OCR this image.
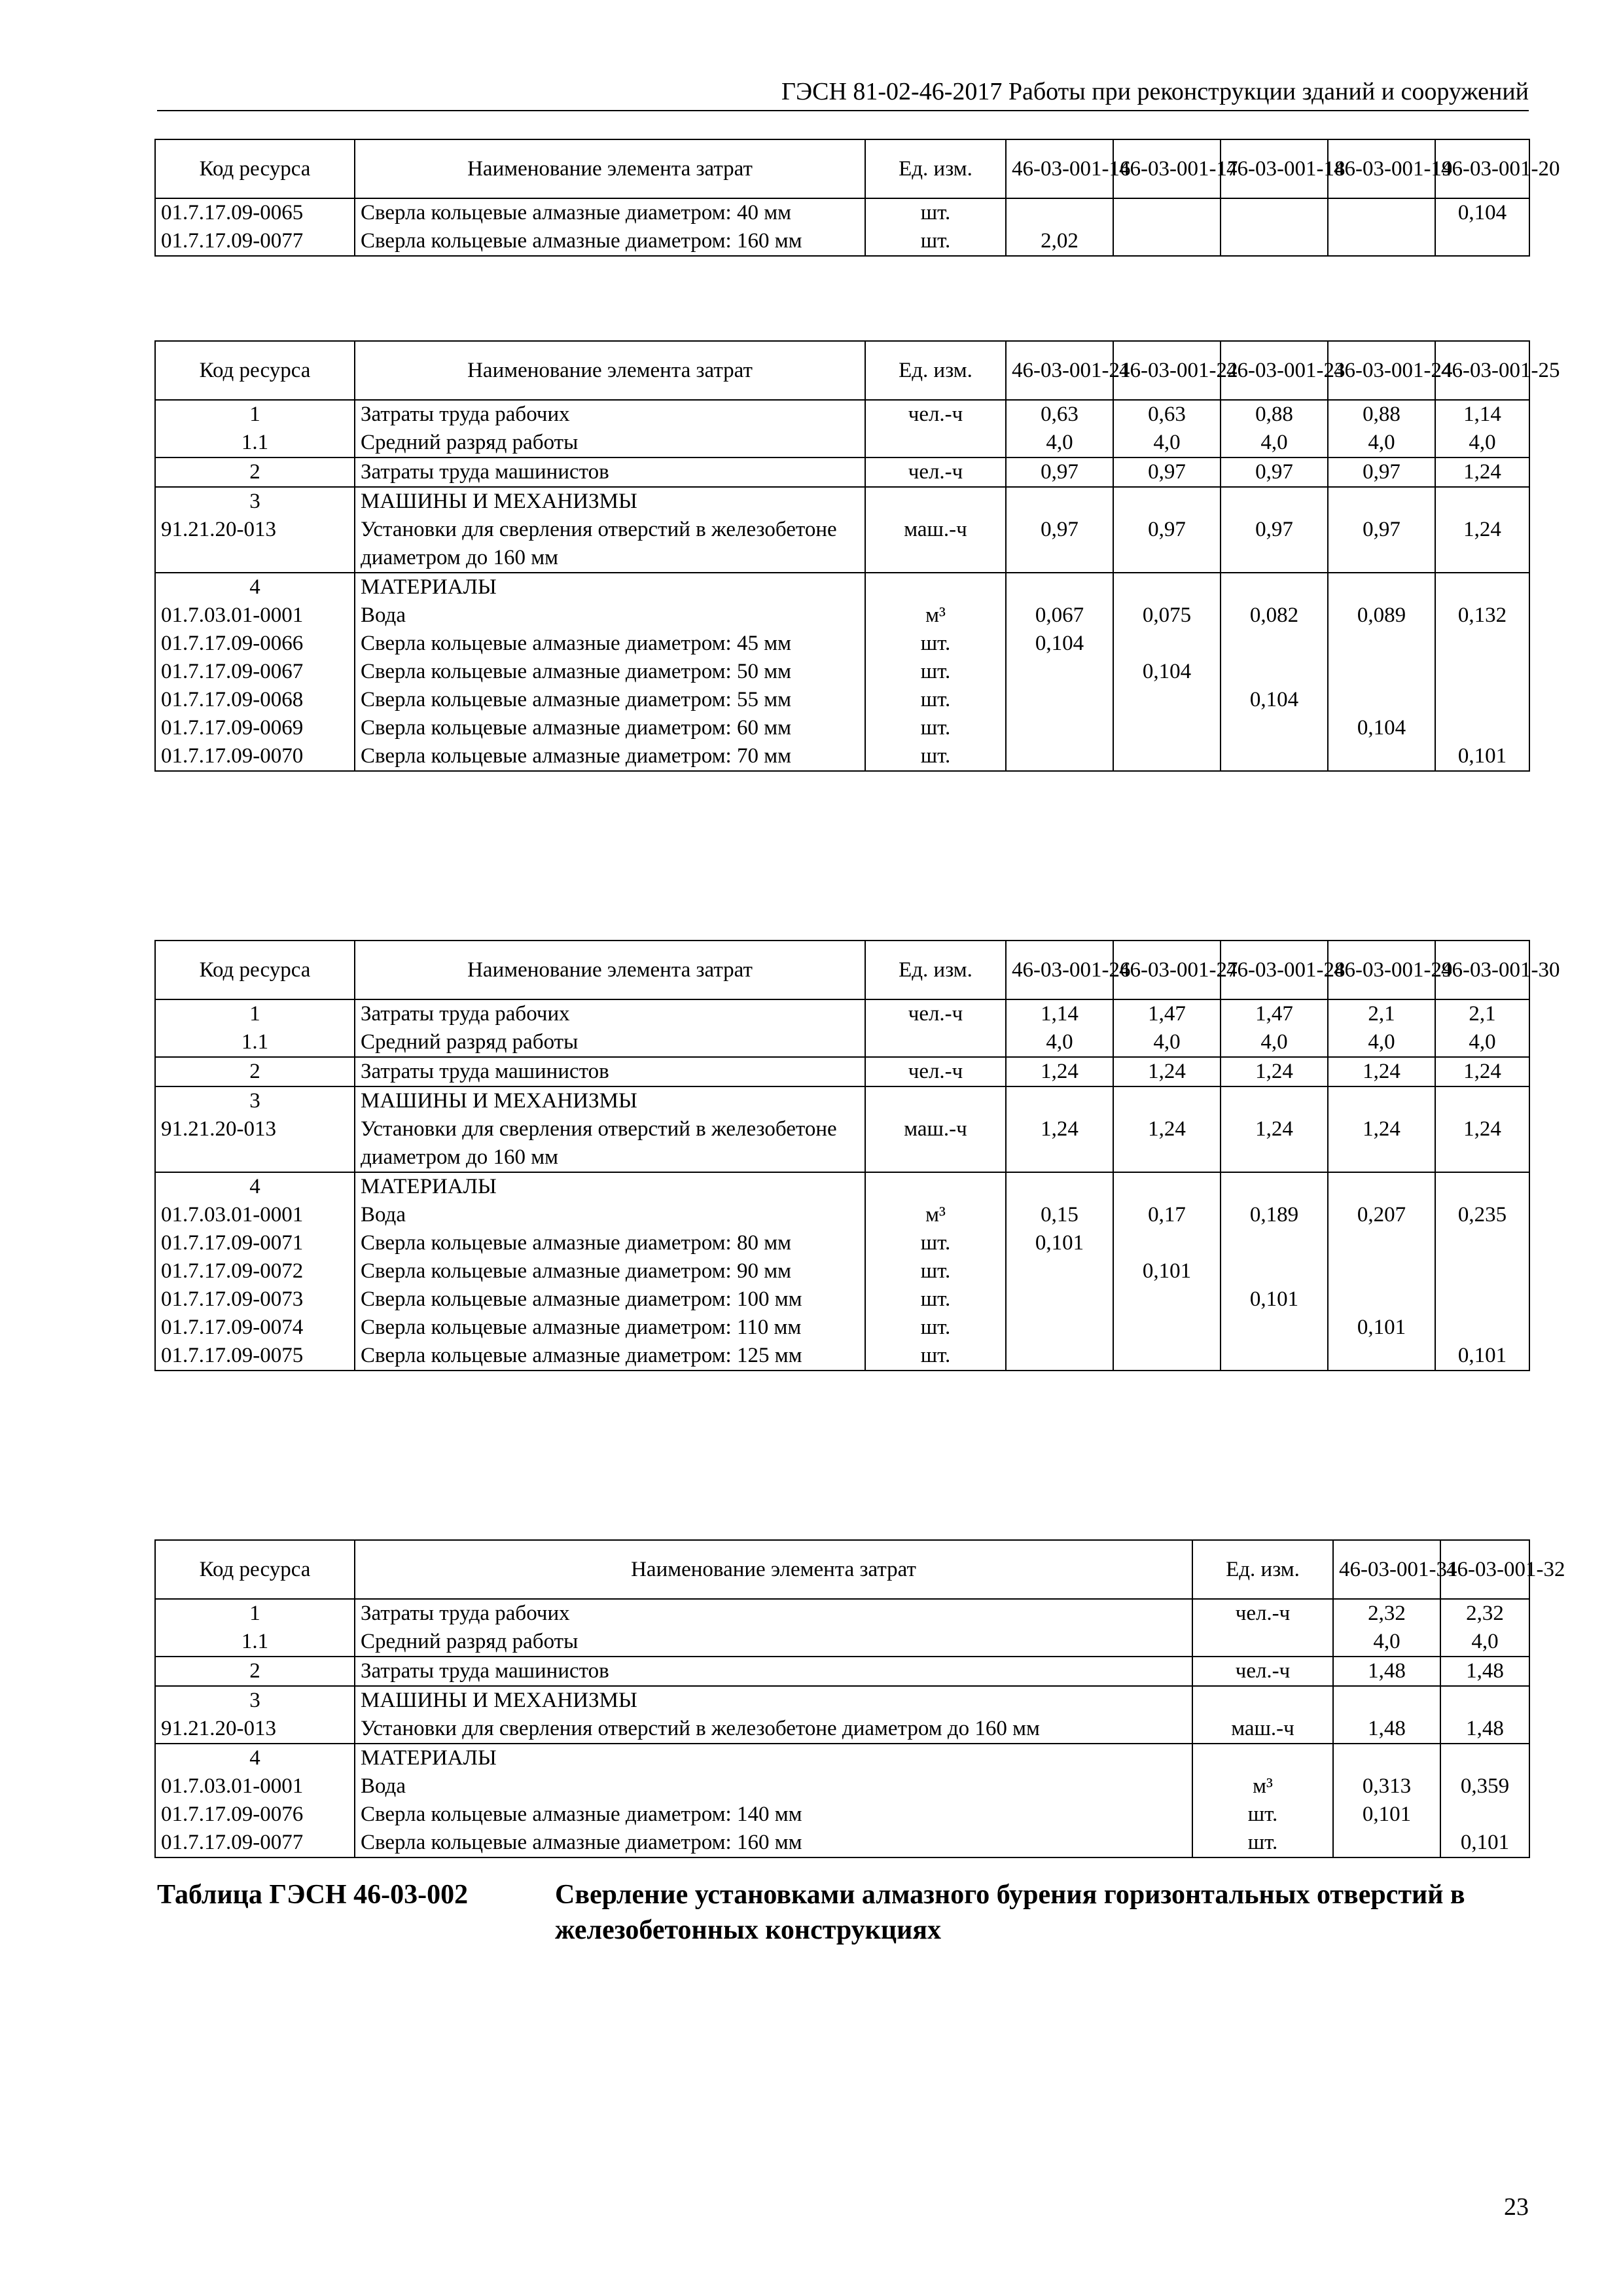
ГЭСН 81-02-46-2017 Работы при реконструкции зданий и сооружений
Код ресурса	Наименование элемента затрат	Ед. изм.	46-03-001-16	46-03-001-17	46-03-001-18	46-03-001-19	46-03-001-20
01.7.17.09-0065	Сверла кольцевые алмазные диаметром: 40 мм	шт.					0,104
01.7.17.09-0077	Сверла кольцевые алмазные диаметром: 160 мм	шт.	2,02				
Код ресурса	Наименование элемента затрат	Ед. изм.	46-03-001-21	46-03-001-22	46-03-001-23	46-03-001-24	46-03-001-25
1	Затраты труда рабочих	чел.-ч	0,63	0,63	0,88	0,88	1,14
1.1	Средний разряд работы		4,0	4,0	4,0	4,0	4,0
2	Затраты труда машинистов	чел.-ч	0,97	0,97	0,97	0,97	1,24
3	МАШИНЫ И МЕХАНИЗМЫ						
91.21.20-013	Установки для сверления отверстий в железобетоне диаметром до 160 мм	маш.-ч	0,97	0,97	0,97	0,97	1,24
4	МАТЕРИАЛЫ						
01.7.03.01-0001	Вода	м³	0,067	0,075	0,082	0,089	0,132
01.7.17.09-0066	Сверла кольцевые алмазные диаметром: 45 мм	шт.	0,104				
01.7.17.09-0067	Сверла кольцевые алмазные диаметром: 50 мм	шт.		0,104			
01.7.17.09-0068	Сверла кольцевые алмазные диаметром: 55 мм	шт.			0,104		
01.7.17.09-0069	Сверла кольцевые алмазные диаметром: 60 мм	шт.				0,104	
01.7.17.09-0070	Сверла кольцевые алмазные диаметром: 70 мм	шт.					0,101
Код ресурса	Наименование элемента затрат	Ед. изм.	46-03-001-26	46-03-001-27	46-03-001-28	46-03-001-29	46-03-001-30
1	Затраты труда рабочих	чел.-ч	1,14	1,47	1,47	2,1	2,1
1.1	Средний разряд работы		4,0	4,0	4,0	4,0	4,0
2	Затраты труда машинистов	чел.-ч	1,24	1,24	1,24	1,24	1,24
3	МАШИНЫ И МЕХАНИЗМЫ						
91.21.20-013	Установки для сверления отверстий в железобетоне диаметром до 160 мм	маш.-ч	1,24	1,24	1,24	1,24	1,24
4	МАТЕРИАЛЫ						
01.7.03.01-0001	Вода	м³	0,15	0,17	0,189	0,207	0,235
01.7.17.09-0071	Сверла кольцевые алмазные диаметром: 80 мм	шт.	0,101				
01.7.17.09-0072	Сверла кольцевые алмазные диаметром: 90 мм	шт.		0,101			
01.7.17.09-0073	Сверла кольцевые алмазные диаметром: 100 мм	шт.			0,101		
01.7.17.09-0074	Сверла кольцевые алмазные диаметром: 110 мм	шт.				0,101	
01.7.17.09-0075	Сверла кольцевые алмазные диаметром: 125 мм	шт.					0,101
Код ресурса	Наименование элемента затрат	Ед. изм.	46-03-001-31	46-03-001-32
1	Затраты труда рабочих	чел.-ч	2,32	2,32
1.1	Средний разряд работы		4,0	4,0
2	Затраты труда машинистов	чел.-ч	1,48	1,48
3	МАШИНЫ И МЕХАНИЗМЫ			
91.21.20-013	Установки для сверления отверстий в железобетоне диаметром до 160 мм	маш.-ч	1,48	1,48
4	МАТЕРИАЛЫ			
01.7.03.01-0001	Вода	м³	0,313	0,359
01.7.17.09-0076	Сверла кольцевые алмазные диаметром: 140 мм	шт.	0,101	
01.7.17.09-0077	Сверла кольцевые алмазные диаметром: 160 мм	шт.		0,101
Таблица ГЭСН 46-03-002	Сверление установками алмазного бурения горизонтальных отверстий в железобетонных конструкциях
23
